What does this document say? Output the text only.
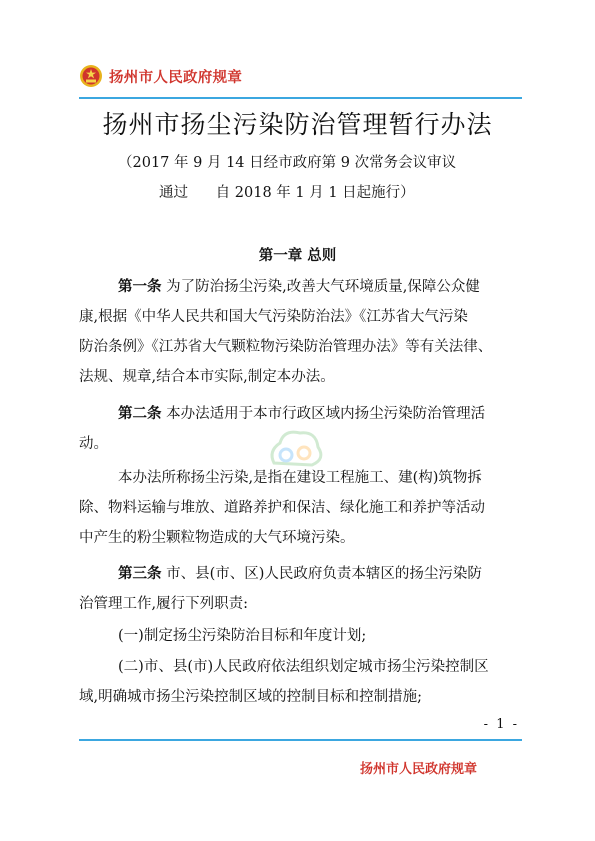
扬州市人民政府规章
扬州市扬尘污染防治管理暂行办法
（2017 年 9 月 14 日经市政府第 9 次常务会议审议
通过      自 2018 年 1 月 1 日起施行）
第一章 总则
第一条 为了防治扬尘污染,改善大气环境质量,保障公众健
康,根据《中华人民共和国大气污染防治法》《江苏省大气污染
防治条例》《江苏省大气颗粒物污染防治管理办法》等有关法律、
法规、规章,结合本市实际,制定本办法。
第二条 本办法适用于本市行政区域内扬尘污染防治管理活
动。
本办法所称扬尘污染,是指在建设工程施工、建(构)筑物拆
除、物料运输与堆放、道路养护和保洁、绿化施工和养护等活动
中产生的粉尘颗粒物造成的大气环境污染。
第三条 市、县(市、区)人民政府负责本辖区的扬尘污染防
治管理工作,履行下列职责:
(一)制定扬尘污染防治目标和年度计划;
(二)市、县(市)人民政府依法组织划定城市扬尘污染控制区
域,明确城市扬尘污染控制区域的控制目标和控制措施;
- 1 -
扬州市人民政府规章
